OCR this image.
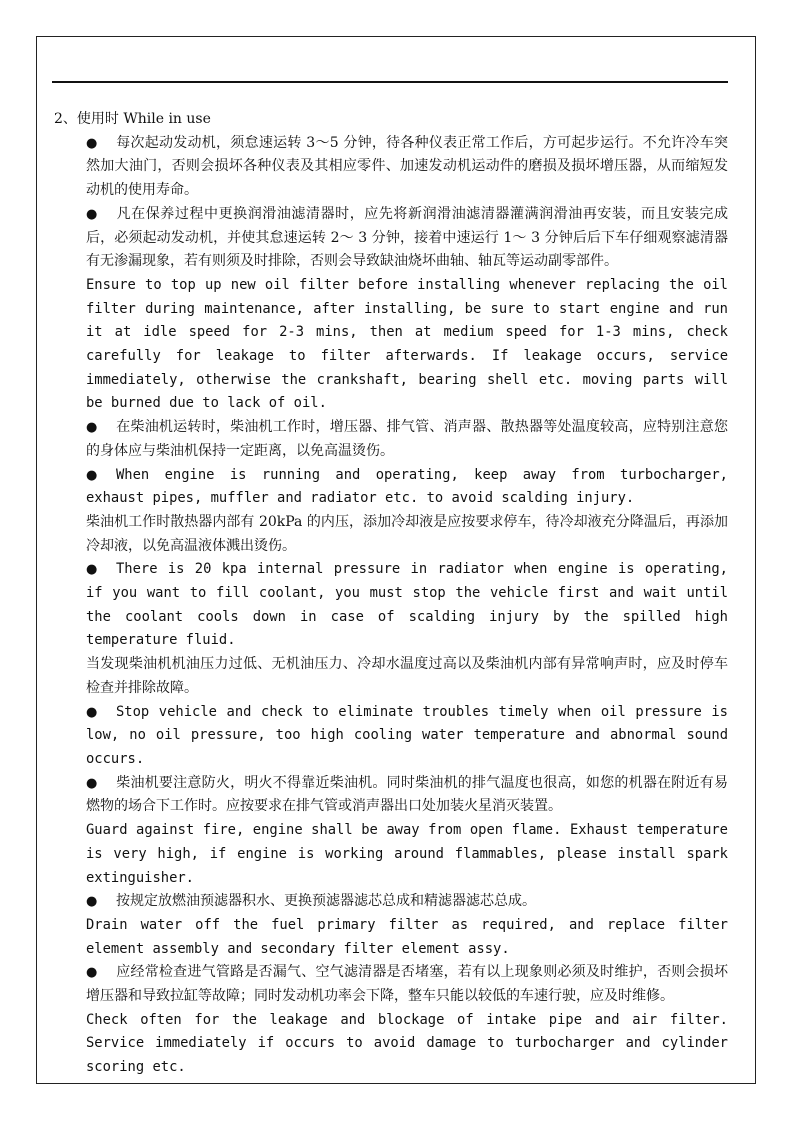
2、使用时 While in use

● 每次起动发动机，须怠速运转 3～5 分钟，待各种仪表正常工作后，方可起步运行。不允许冷车突然加大油门，否则会损坏各种仪表及其相应零件、加速发动机运动件的磨损及损坏增压器，从而缩短发动机的使用寿命。

● 凡在保养过程中更换润滑油滤清器时，应先将新润滑油滤清器灌满润滑油再安装，而且安装完成后，必须起动发动机，并使其怠速运转 2～ 3 分钟，接着中速运行 1～ 3 分钟后后下车仔细观察滤清器有无渗漏现象，若有则须及时排除，否则会导致缺油烧坏曲轴、轴瓦等运动副零部件。

Ensure to top up new oil filter before installing whenever replacing the oil filter during maintenance, after installing, be sure to start engine and run it at idle speed for 2-3 mins, then at medium speed for 1-3 mins, check carefully for leakage to filter afterwards. If leakage occurs, service immediately, otherwise the crankshaft, bearing shell etc. moving parts will be burned due to lack of oil.

● 在柴油机运转时，柴油机工作时，增压器、排气管、消声器、散热器等处温度较高，应特别注意您的身体应与柴油机保持一定距离，以免高温烫伤。

● When engine is running and operating, keep away from turbocharger, exhaust pipes, muffler and radiator etc. to avoid scalding injury.

柴油机工作时散热器内部有 20kPa 的内压，添加冷却液是应按要求停车，待冷却液充分降温后，再添加冷却液，以免高温液体溅出烫伤。

● There is 20 kpa internal pressure in radiator when engine is operating, if you want to fill coolant, you must stop the vehicle first and wait until the coolant cools down in case of scalding injury by the spilled high temperature fluid.

当发现柴油机机油压力过低、无机油压力、冷却水温度过高以及柴油机内部有异常响声时，应及时停车检查并排除故障。

● Stop vehicle and check to eliminate troubles timely when oil pressure is low, no oil pressure, too high cooling water temperature and abnormal sound occurs.

● 柴油机要注意防火，明火不得靠近柴油机。同时柴油机的排气温度也很高，如您的机器在附近有易燃物的场合下工作时。应按要求在排气管或消声器出口处加装火星消灭装置。

Guard against fire, engine shall be away from open flame. Exhaust temperature is very high, if engine is working around flammables, please install spark extinguisher.

● 按规定放燃油预滤器积水、更换预滤器滤芯总成和精滤器滤芯总成。

Drain water off the fuel primary filter as required, and replace filter element assembly and secondary filter element assy.

● 应经常检查进气管路是否漏气、空气滤清器是否堵塞，若有以上现象则必须及时维护，否则会损坏增压器和导致拉缸等故障；同时发动机功率会下降，整车只能以较低的车速行驶，应及时维修。

Check often for the leakage and blockage of intake pipe and air filter. Service immediately if occurs to avoid damage to turbocharger and cylinder scoring etc.
